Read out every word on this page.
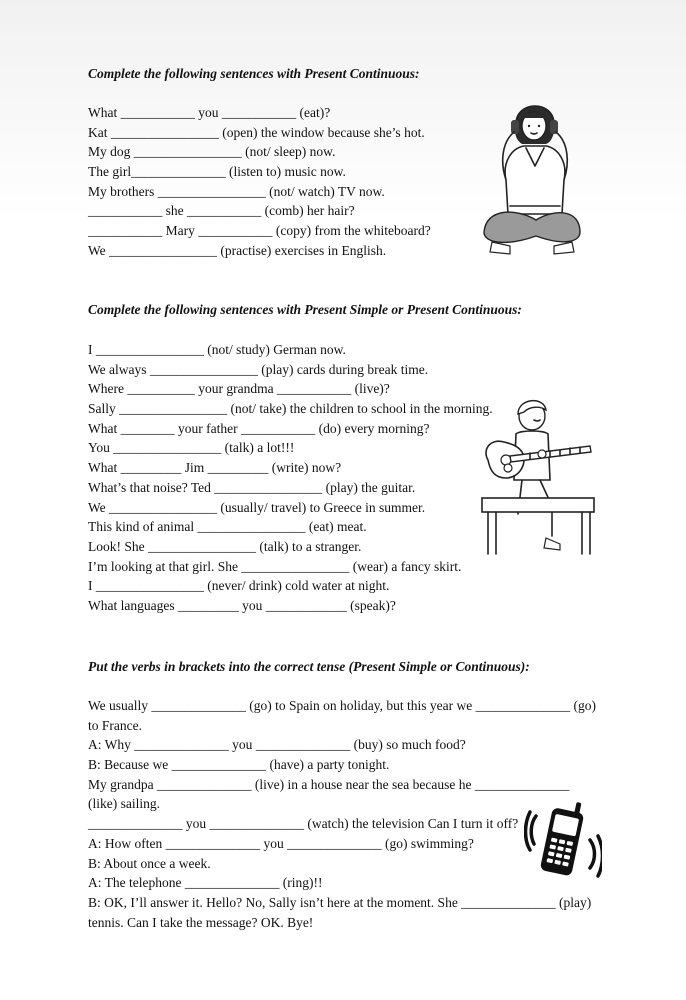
Complete the following sentences with Present Continuous:
What ___________ you ___________ (eat)?
Kat ________________ (open) the window because she’s hot.
My dog ________________ (not/ sleep) now.
The girl______________ (listen to) music now.
My brothers ________________ (not/ watch) TV now.
___________ she ___________ (comb) her hair?
___________ Mary ___________ (copy) from the whiteboard?
We ________________ (practise) exercises in English.
Complete the following sentences with Present Simple or Present Continuous:
I ________________ (not/ study) German now.
We always ________________ (play) cards during break time.
Where __________ your grandma ___________ (live)?
Sally ________________ (not/ take) the children to school in the morning.
What ________ your father ___________ (do) every morning?
You ________________ (talk) a lot!!!
What _________ Jim _________ (write) now?
What’s that noise? Ted ________________ (play) the guitar.
We ________________ (usually/ travel) to Greece in summer.
This kind of animal ________________ (eat) meat.
Look! She ________________ (talk) to a stranger.
I’m looking at that girl. She ________________ (wear) a fancy skirt.
I ________________ (never/ drink) cold water at night.
What languages _________ you ____________ (speak)?
Put the verbs in brackets into the correct tense (Present Simple or Continuous):
We usually ______________ (go) to Spain on holiday, but this year we ______________ (go) to France.
A: Why ______________ you ______________ (buy) so much food?
B: Because we ______________ (have) a party tonight.
My grandpa ______________ (live) in a house near the sea because he ______________ (like) sailing.
______________ you ______________ (watch) the television Can I turn it off?
A: How often ______________ you ______________ (go) swimming?
B: About once a week.
A: The telephone ______________ (ring)!!
B: OK, I’ll answer it. Hello? No, Sally isn’t here at the moment. She ______________ (play) tennis. Can I take the message? OK. Bye!
